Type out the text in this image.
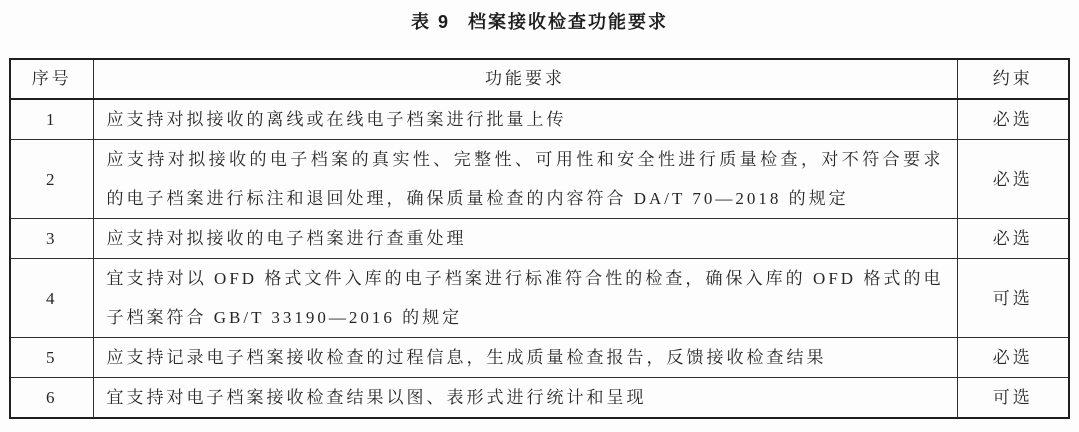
表 9 档案接收检查功能要求
序号	功能要求	约束
1	应支持对拟接收的离线或在线电子档案进行批量上传	必选
2	应支持对拟接收的电子档案的真实性、完整性、可用性和安全性进行质量检查，对不符合要求的电子档案进行标注和退回处理，确保质量检查的内容符合 DA/T 70—2018 的规定	必选
3	应支持对拟接收的电子档案进行查重处理	必选
4	宜支持对以 OFD 格式文件入库的电子档案进行标准符合性的检查，确保入库的 OFD 格式的电子档案符合 GB/T 33190—2016 的规定	可选
5	应支持记录电子档案接收检查的过程信息，生成质量检查报告，反馈接收检查结果	必选
6	宜支持对电子档案接收检查结果以图、表形式进行统计和呈现	可选
